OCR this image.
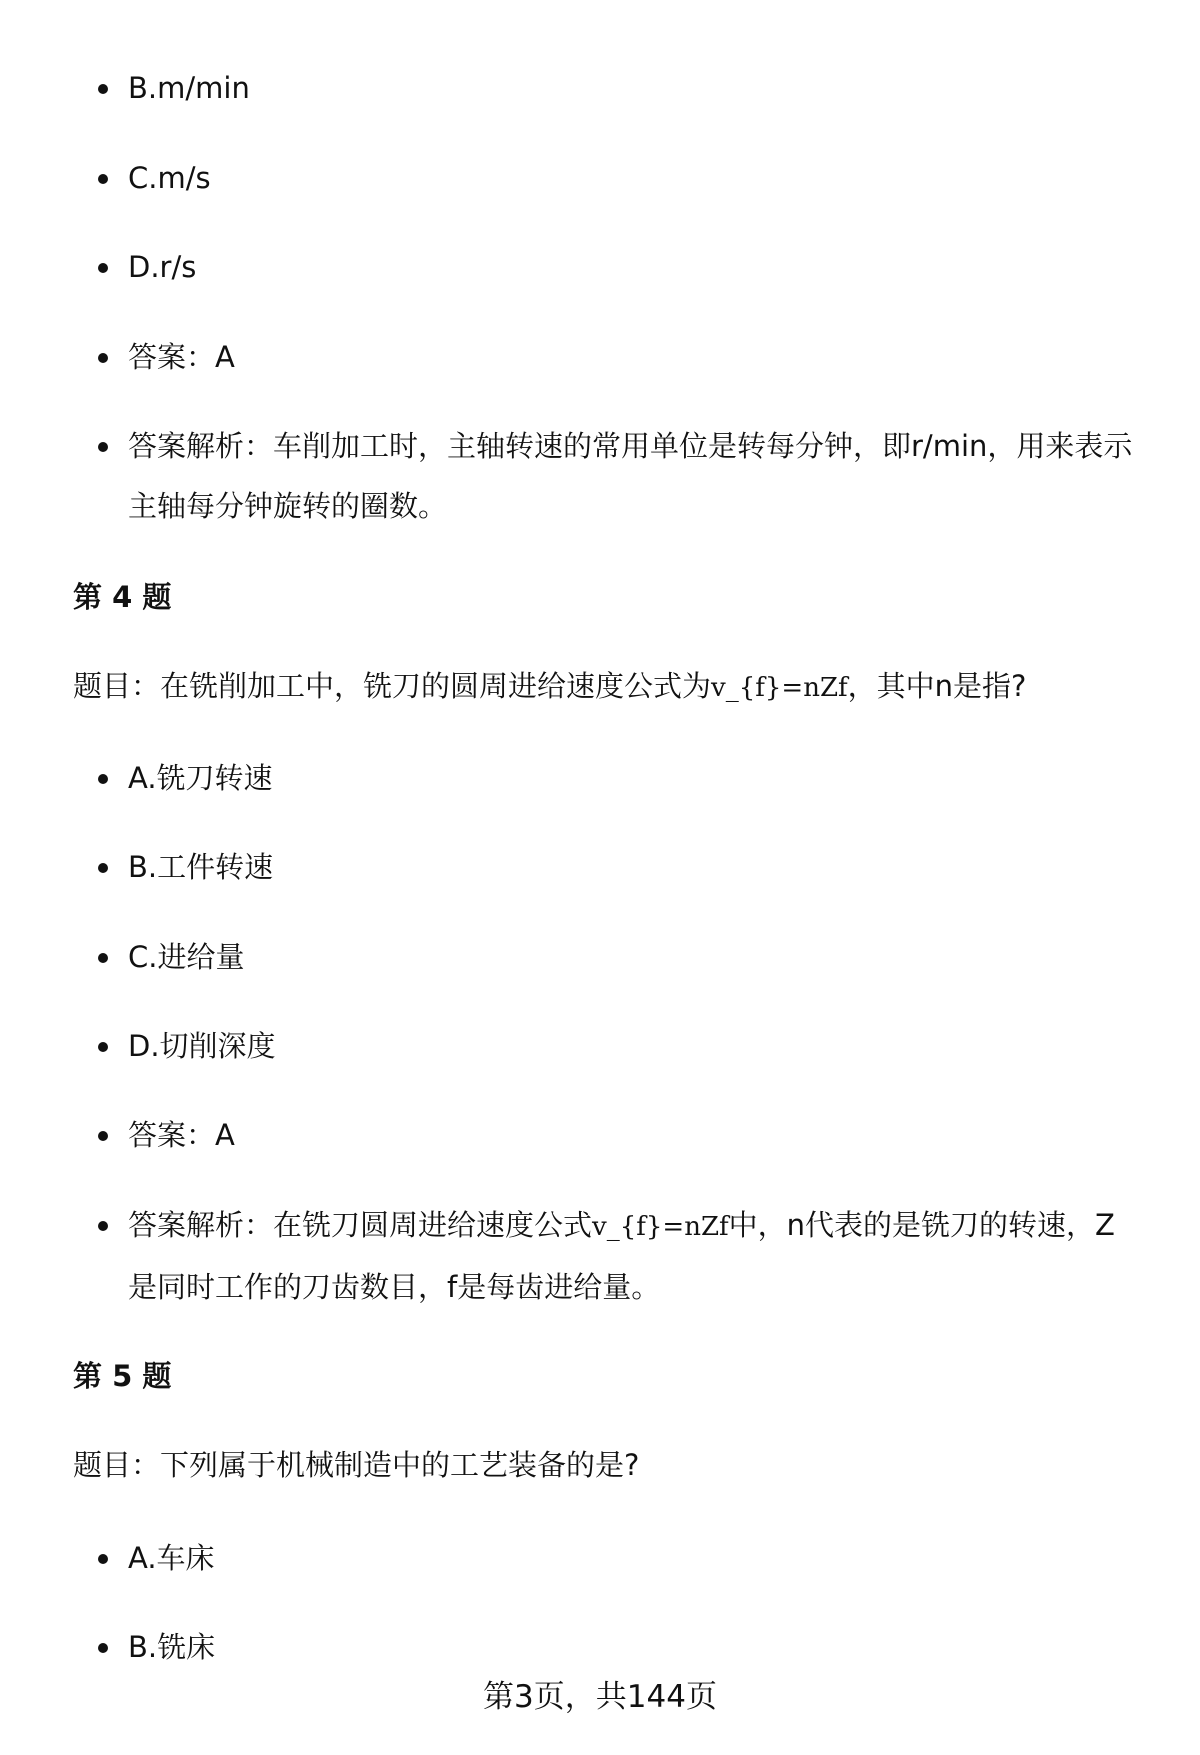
B.m/min
C.m/s
D.r/s
答案：A
答案解析：车削加工时，主轴转速的常用单位是转每分钟，即r/min，用来表示主轴每分钟旋转的圈数。
第 4 题
题目：在铣削加工中，铣刀的圆周进给速度公式为v_{f}=nZf，其中n是指?
A.铣刀转速
B.工件转速
C.进给量
D.切削深度
答案：A
答案解析：在铣刀圆周进给速度公式v_{f}=nZf中，n代表的是铣刀的转速，Z是同时工作的刀齿数目，f是每齿进给量。
第 5 题
题目：下列属于机械制造中的工艺装备的是?
A.车床
B.铣床
第3页，共144页
